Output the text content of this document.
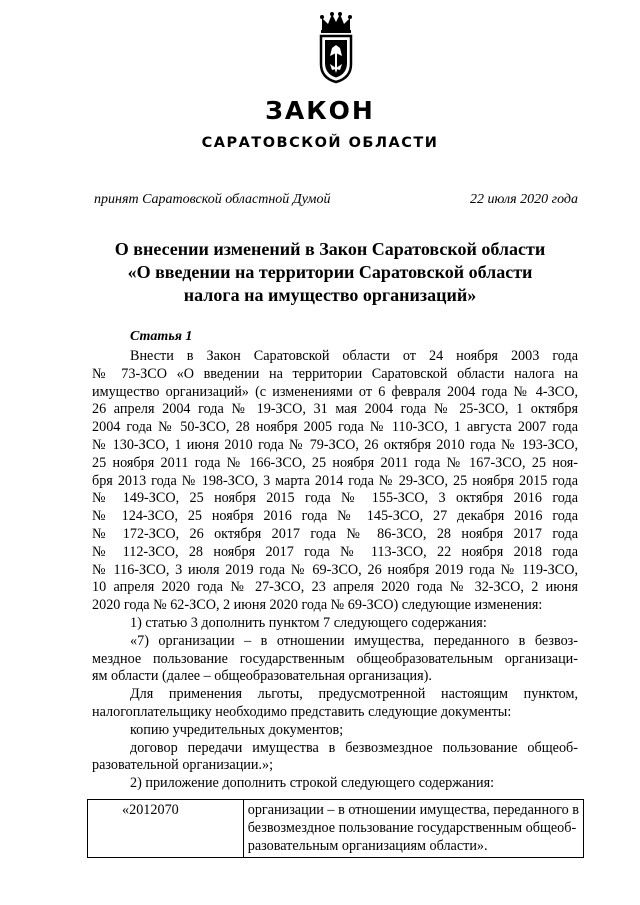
ЗАКОН
САРАТОВСКОЙ ОБЛАСТИ
принят Саратовской областной Думой	22 июля 2020 года
О внесении изменений в Закон Саратовской области
«О введении на территории Саратовской области
налога на имущество организаций»
Статья 1
Внести в Закон Саратовской области от 24 ноября 2003 года
№ 73-ЗСО «О введении на территории Саратовской области налога на
имущество организаций» (с изменениями от 6 февраля 2004 года № 4-ЗСО,
26 апреля 2004 года № 19-ЗСО, 31 мая 2004 года № 25-ЗСО, 1 октября
2004 года № 50-ЗСО, 28 ноября 2005 года № 110-ЗСО, 1 августа 2007 года
№ 130-ЗСО, 1 июня 2010 года № 79-ЗСО, 26 октября 2010 года № 193-ЗСО,
25 ноября 2011 года № 166-ЗСО, 25 ноября 2011 года № 167-ЗСО, 25 ноя-
бря 2013 года № 198-ЗСО, 3 марта 2014 года № 29-ЗСО, 25 ноября 2015 года
№ 149-ЗСО, 25 ноября 2015 года № 155-ЗСО, 3 октября 2016 года
№ 124-ЗСО, 25 ноября 2016 года № 145-ЗСО, 27 декабря 2016 года
№ 172-ЗСО, 26 октября 2017 года № 86-ЗСО, 28 ноября 2017 года
№ 112-ЗСО, 28 ноября 2017 года № 113-ЗСО, 22 ноября 2018 года
№ 116-ЗСО, 3 июля 2019 года № 69-ЗСО, 26 ноября 2019 года № 119-ЗСО,
10 апреля 2020 года № 27-ЗСО, 23 апреля 2020 года № 32-ЗСО, 2 июня
2020 года № 62-ЗСО, 2 июня 2020 года № 69-ЗСО) следующие изменения:
1) статью 3 дополнить пунктом 7 следующего содержания:
«7) организации – в отношении имущества, переданного в безвоз-
мездное пользование государственным общеобразовательным организаци-
ям области (далее – общеобразовательная организация).
Для применения льготы, предусмотренной настоящим пунктом,
налогоплательщику необходимо представить следующие документы:
копию учредительных документов;
договор передачи имущества в безвозмездное пользование общеоб-
разовательной организации.»;
2) приложение дополнить строкой следующего содержания:
«2012070	организации – в отношении имущества, переданного в
безвозмездное пользование государственным общеоб-
разовательным организациям области».
